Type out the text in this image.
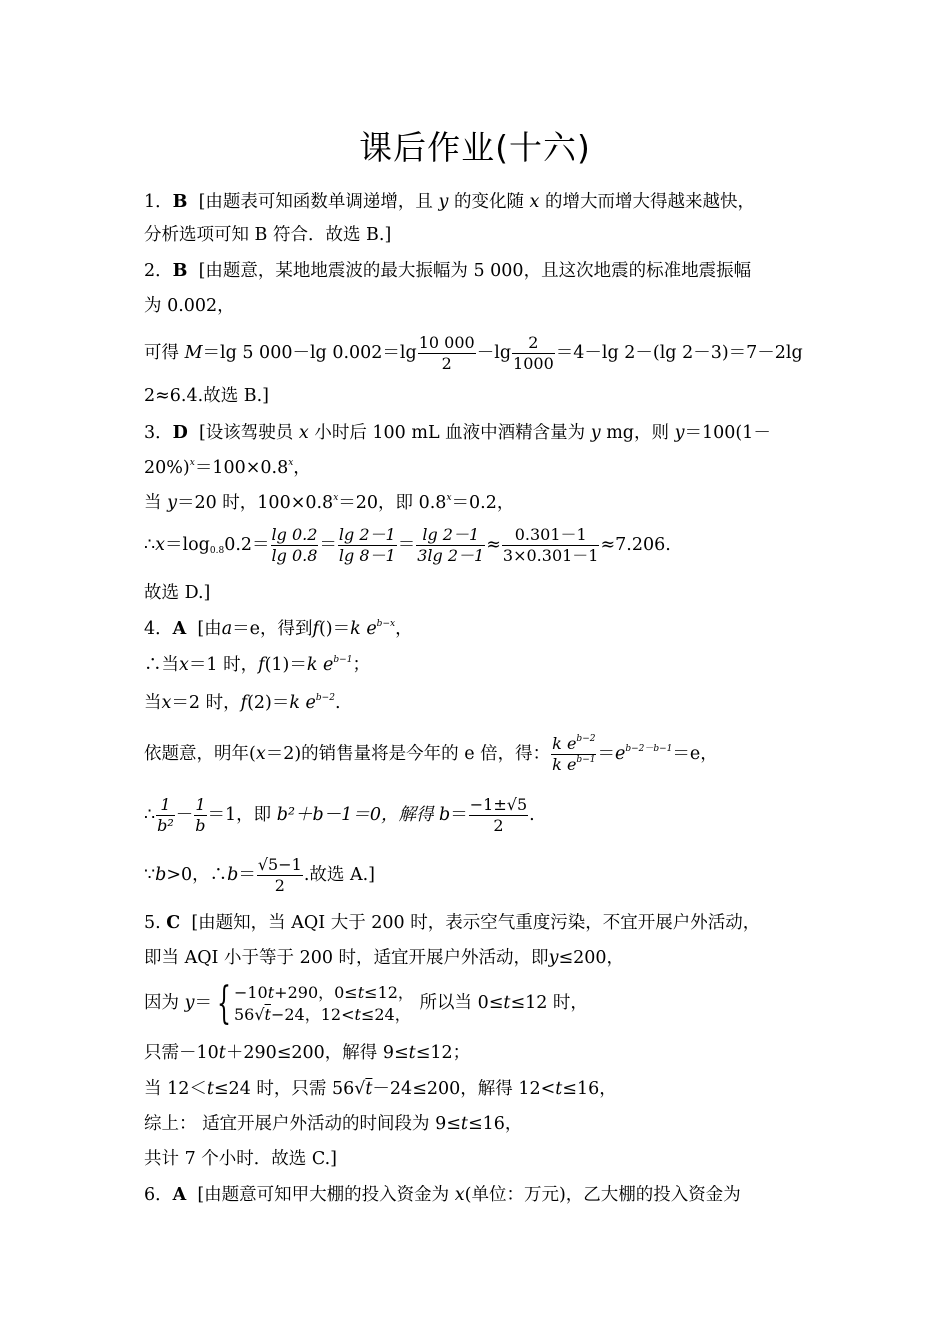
课后作业(十六)
1．B [由题表可知函数单调递增，且 y 的变化随 x 的增大而增大得越来越快，
分析选项可知 B 符合．故选 B.]
2．B [由题意，某地地震波的最大振幅为 5 000，且这次地震的标准地震振幅
为 0.002，
可得 M＝lg 5 000－lg $0.002=\lg \frac{10 000}{2} -\lg \frac{2}{1000} =4-\lg$ 2－(lg 2－3)＝7－2lg
2≈6.4.故选 B.]
3．D [设该驾驶员 x 小时后 100 mL 血液中酒精含量为 y mg，则 y＝100(1－
$20\%)^x=100\times 0.8^x$，
当 y＝20 时，$100\times 0.8^x=20$，即 $0.8^x=0.2$，
$\therefore x=\log_{0.8}0.2= \frac{\lg 0.2}{\lg 0.8} = \frac{\lg 2-1}{\lg 8-1} = \frac{\lg 2-1}{3\lg 2-1} \approx \frac{0.301-1}{3\times 0.301-1} \approx 7.206$.
故选 D.]
4．A [由a＝e，得到f()＝k $e^{b-x}$，
∴当x＝1 时，f(1)＝k $e^{b-1}$；
当x＝2 时，f(2)＝k $e^{b-2}$.
依题意，明年(x＝2)的销售量将是今年的 e 倍，得： $\frac{k e^{b-2}}{k e^{b-1}} =e^{b-2-b-1}=e$，
∴ $\frac{1}{\text{b²}} - \frac{1}{b} =1$，即 b²＋b－1＝0，解得 $b= \frac{-1\pm√5}{2}$ .
∵b>0，∴b＝ $\frac{√5-1}{2}$ .故选 A.]
5. C [由题知，当 AQI 大于 200 时，表示空气重度污染，不宜开展户外活动，
即当 AQI 小于等于 200 时，适宜开展户外活动，即y≤200，
因为 y＝ { −10t+290，0≤t≤12，
56√t−24，12<t≤24，
所以当 0≤t≤12 时，
只需－10t＋290≤200，解得 9≤t≤12；
当 12＜t≤24 时，只需 56√t－24≤200，解得 12<t≤16，
综上： 适宜开展户外活动的时间段为 9≤t≤16，
共计 7 个小时．故选 C.]
6．A [由题意可知甲大棚的投入资金为 x(单位：万元)，乙大棚的投入资金为
